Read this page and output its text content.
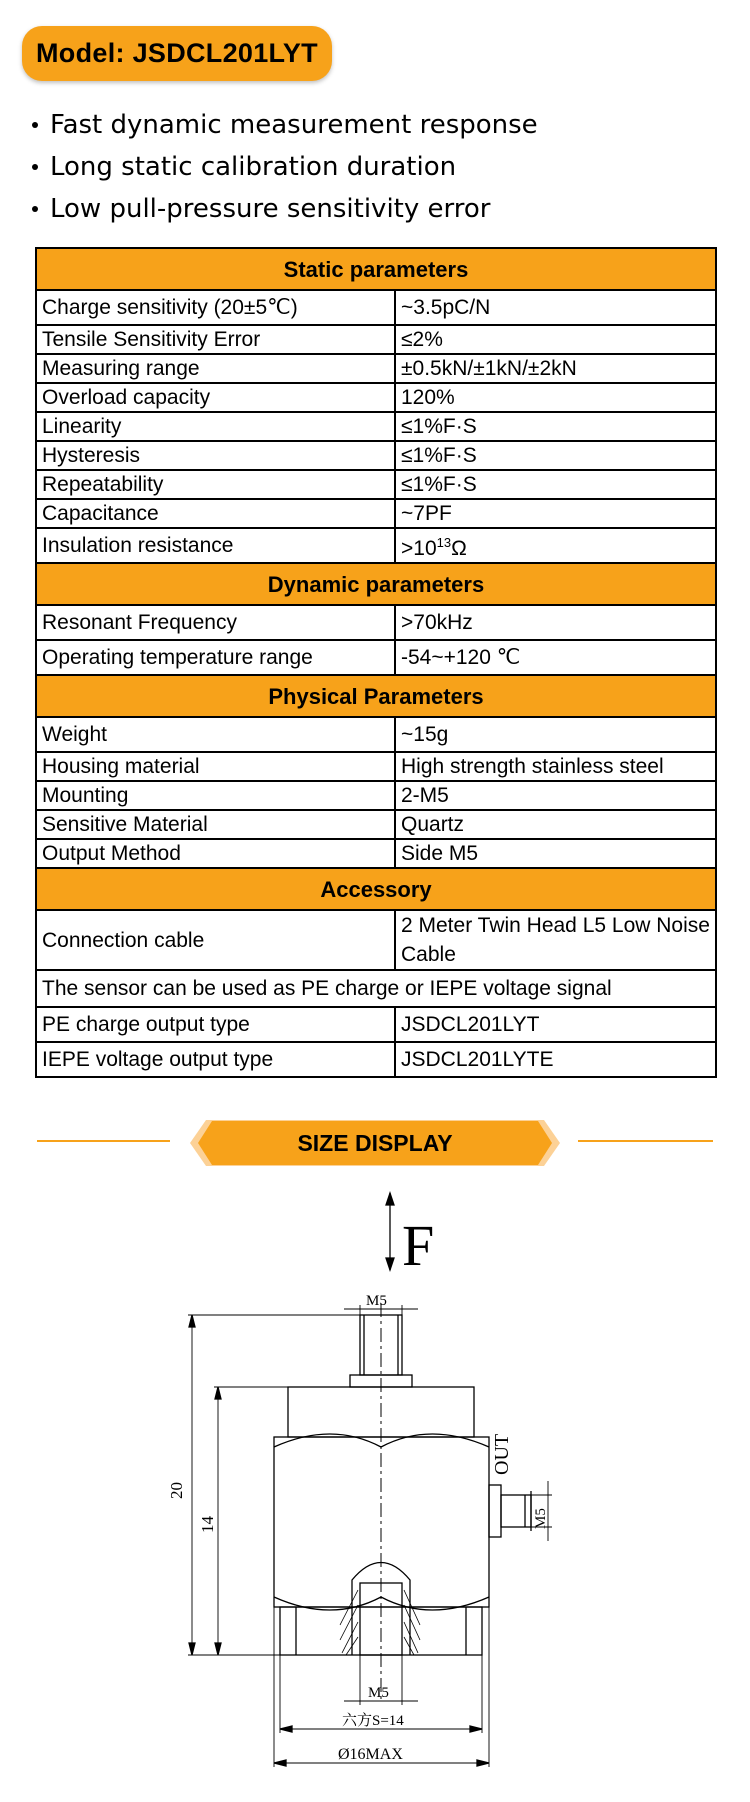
Model: JSDCL201LYT
Fast dynamic measurement response
Long static calibration duration
Low pull-pressure sensitivity error
Static parameters	
Charge sensitivity (20±5℃)	~3.5pC/N
Tensile Sensitivity Error	≤2%
Measuring range	±0.5kN/±1kN/±2kN
Overload capacity	120%
Linearity	≤1%F·S
Hysteresis	≤1%F·S
Repeatability	≤1%F·S
Capacitance	~7PF
Insulation resistance	$>10^{13}\Omega$
Dynamic parameters	
Resonant Frequency	>70kHz
Operating temperature range	-54~+120 ℃
Physical Parameters	
Weight	~15g
Housing material	High strength stainless steel
Mounting	2-M5
Sensitive Material	Quartz
Output Method	Side M5
Accessory	
Connection cable	2 Meter Twin Head L5 Low Noise Cable
The sensor can be used as PE charge or IEPE voltage signal	
PE charge output type	JSDCL201LYT
IEPE voltage output type	JSDCL201LYTE
SIZE DISPLAY
F
M5
OUT
M5
20
14
M5
六方S=14
Ø16MAX
